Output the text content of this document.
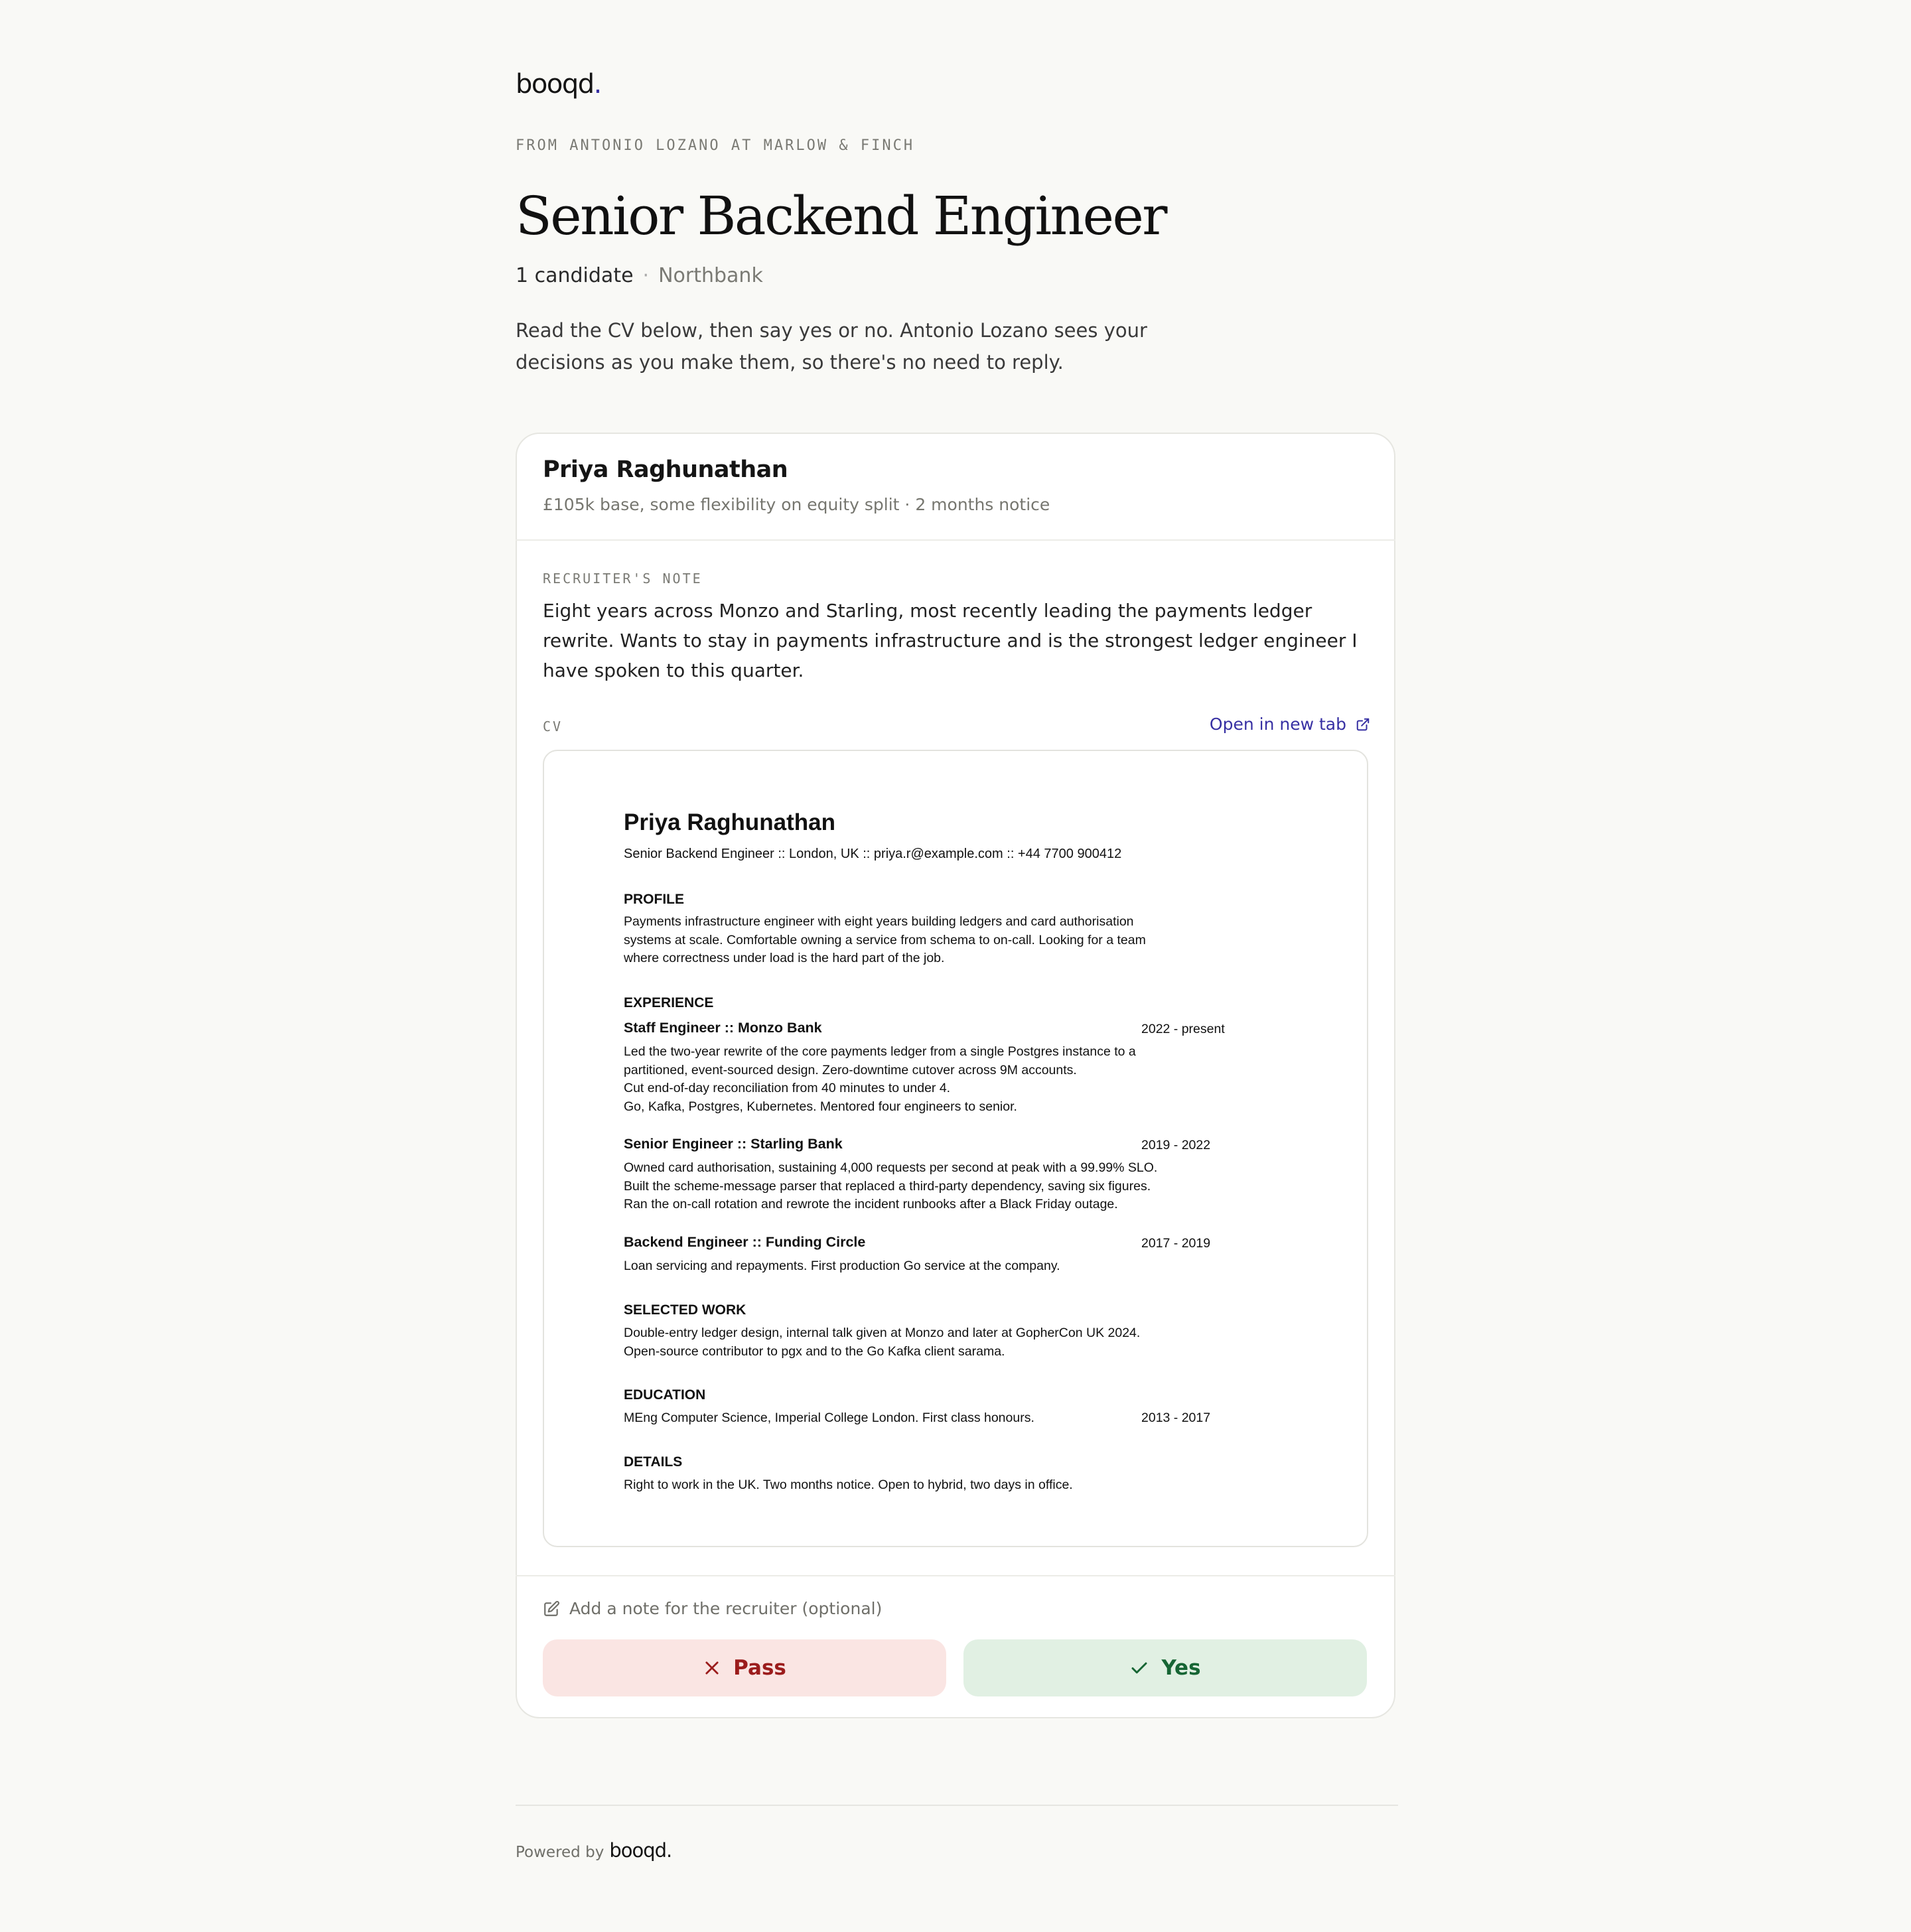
booqd.
FROM ANTONIO LOZANO AT MARLOW & FINCH
Senior Backend Engineer
1 candidate · Northbank
Read the CV below, then say yes or no. Antonio Lozano sees your decisions as you make them, so there's no need to reply.
Priya Raghunathan
£105k base, some flexibility on equity split · 2 months notice
RECRUITER'S NOTE
Eight years across Monzo and Starling, most recently leading the payments ledger rewrite. Wants to stay in payments infrastructure and is the strongest ledger engineer I have spoken to this quarter.
CV	Open in new tab
Priya Raghunathan
Senior Backend Engineer :: London, UK :: priya.r@example.com :: +44 7700 900412
PROFILE
Payments infrastructure engineer with eight years building ledgers and card authorisation
systems at scale. Comfortable owning a service from schema to on-call. Looking for a team
where correctness under load is the hard part of the job.
EXPERIENCE
Staff Engineer :: Monzo Bank	2022 - present
Led the two-year rewrite of the core payments ledger from a single Postgres instance to a
partitioned, event-sourced design. Zero-downtime cutover across 9M accounts.
Cut end-of-day reconciliation from 40 minutes to under 4.
Go, Kafka, Postgres, Kubernetes. Mentored four engineers to senior.
Senior Engineer :: Starling Bank	2019 - 2022
Owned card authorisation, sustaining 4,000 requests per second at peak with a 99.99% SLO.
Built the scheme-message parser that replaced a third-party dependency, saving six figures.
Ran the on-call rotation and rewrote the incident runbooks after a Black Friday outage.
Backend Engineer :: Funding Circle	2017 - 2019
Loan servicing and repayments. First production Go service at the company.
SELECTED WORK
Double-entry ledger design, internal talk given at Monzo and later at GopherCon UK 2024.
Open-source contributor to pgx and to the Go Kafka client sarama.
EDUCATION
MEng Computer Science, Imperial College London. First class honours.	2013 - 2017
DETAILS
Right to work in the UK. Two months notice. Open to hybrid, two days in office.
Add a note for the recruiter (optional)
Pass	Yes
Powered by booqd.
